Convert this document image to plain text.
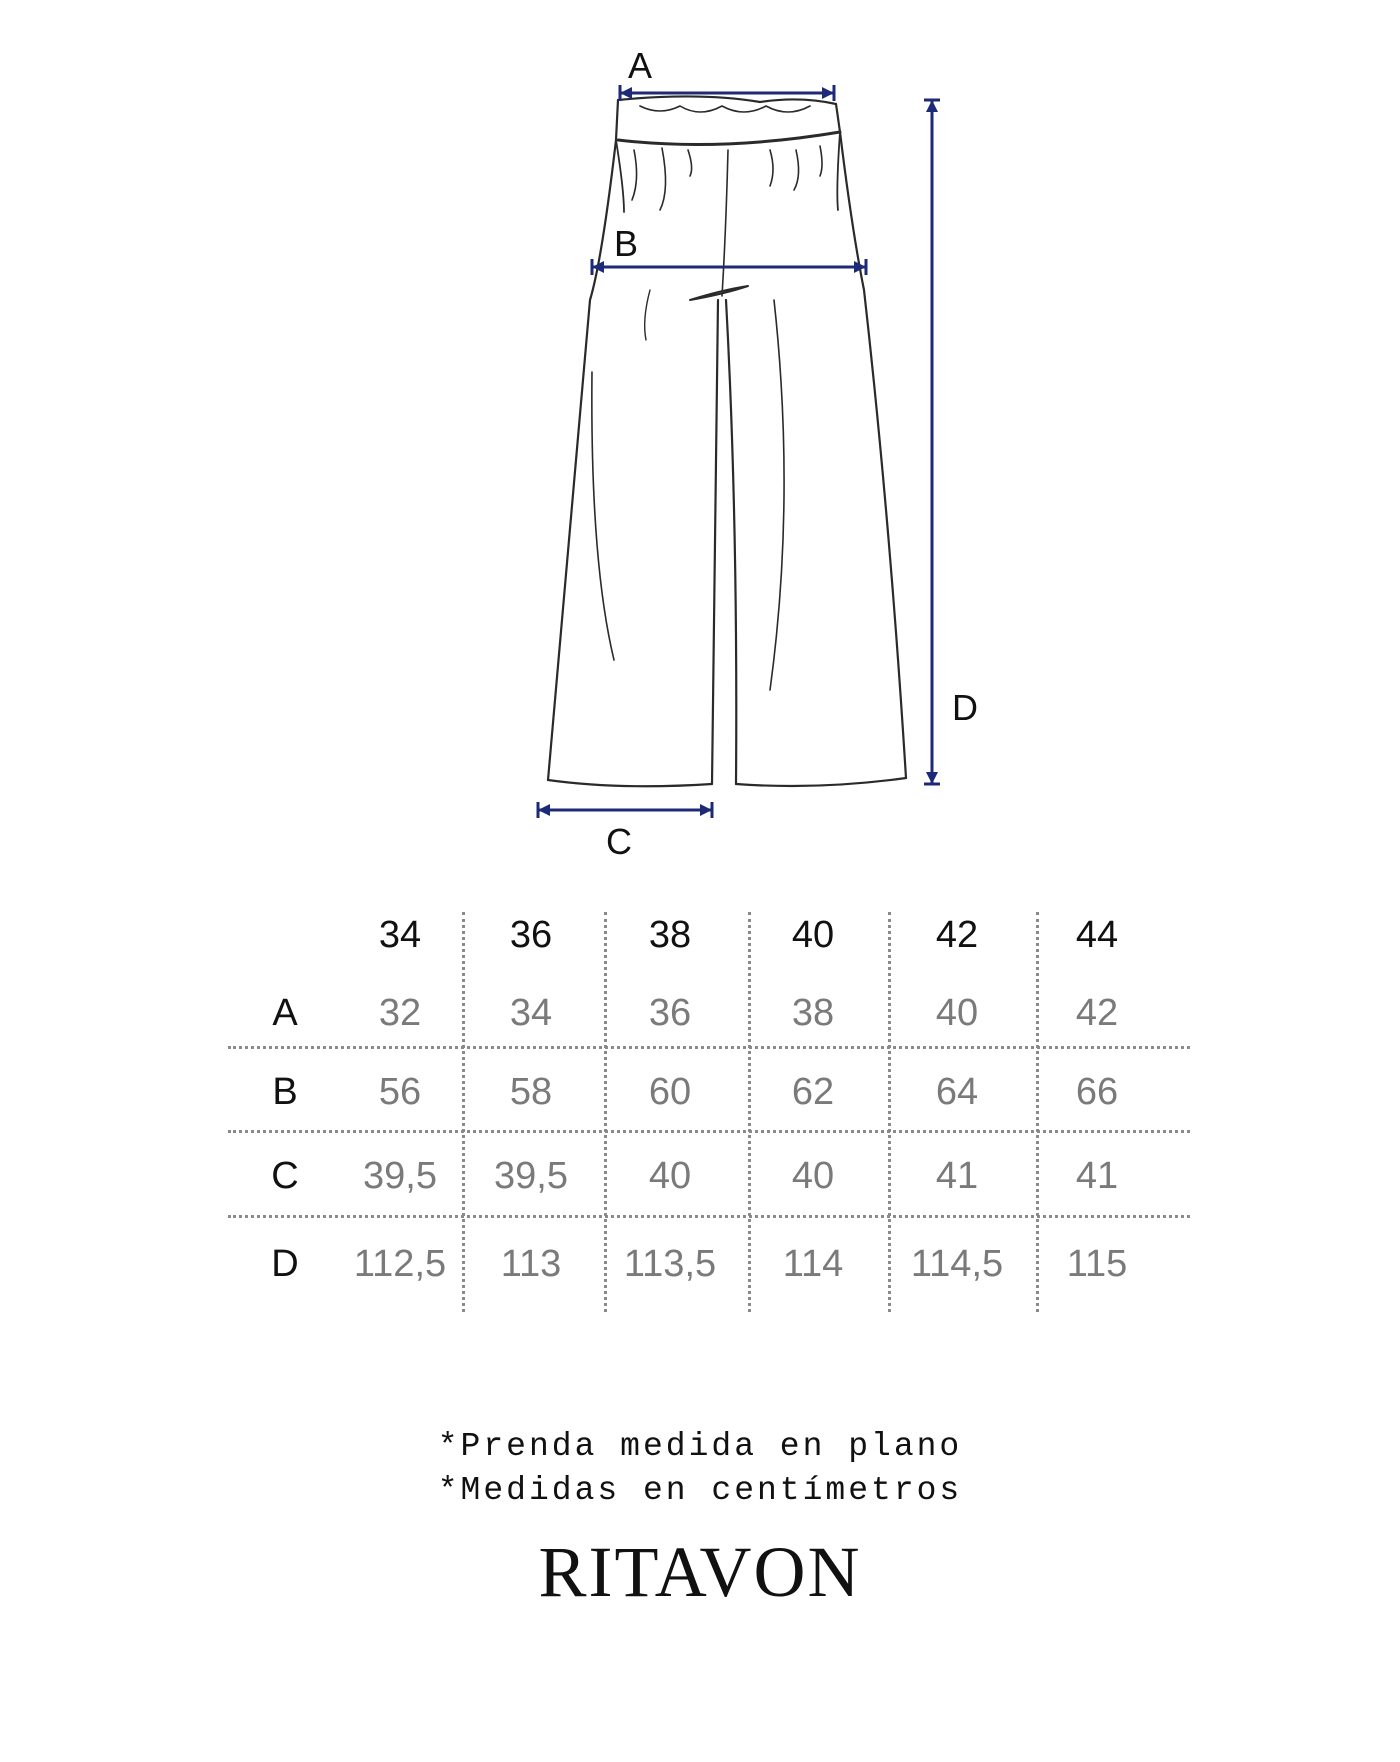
A
B
C
D
34	36	38	40	42	44
A	32	34	36	38	40	42
B	56	58	60	62	64	66
C	39,5	39,5	40	40	41	41
D	112,5	113	113,5	114	114,5	115
*Prenda medida en plano
*Medidas en centímetros
RITAVON
